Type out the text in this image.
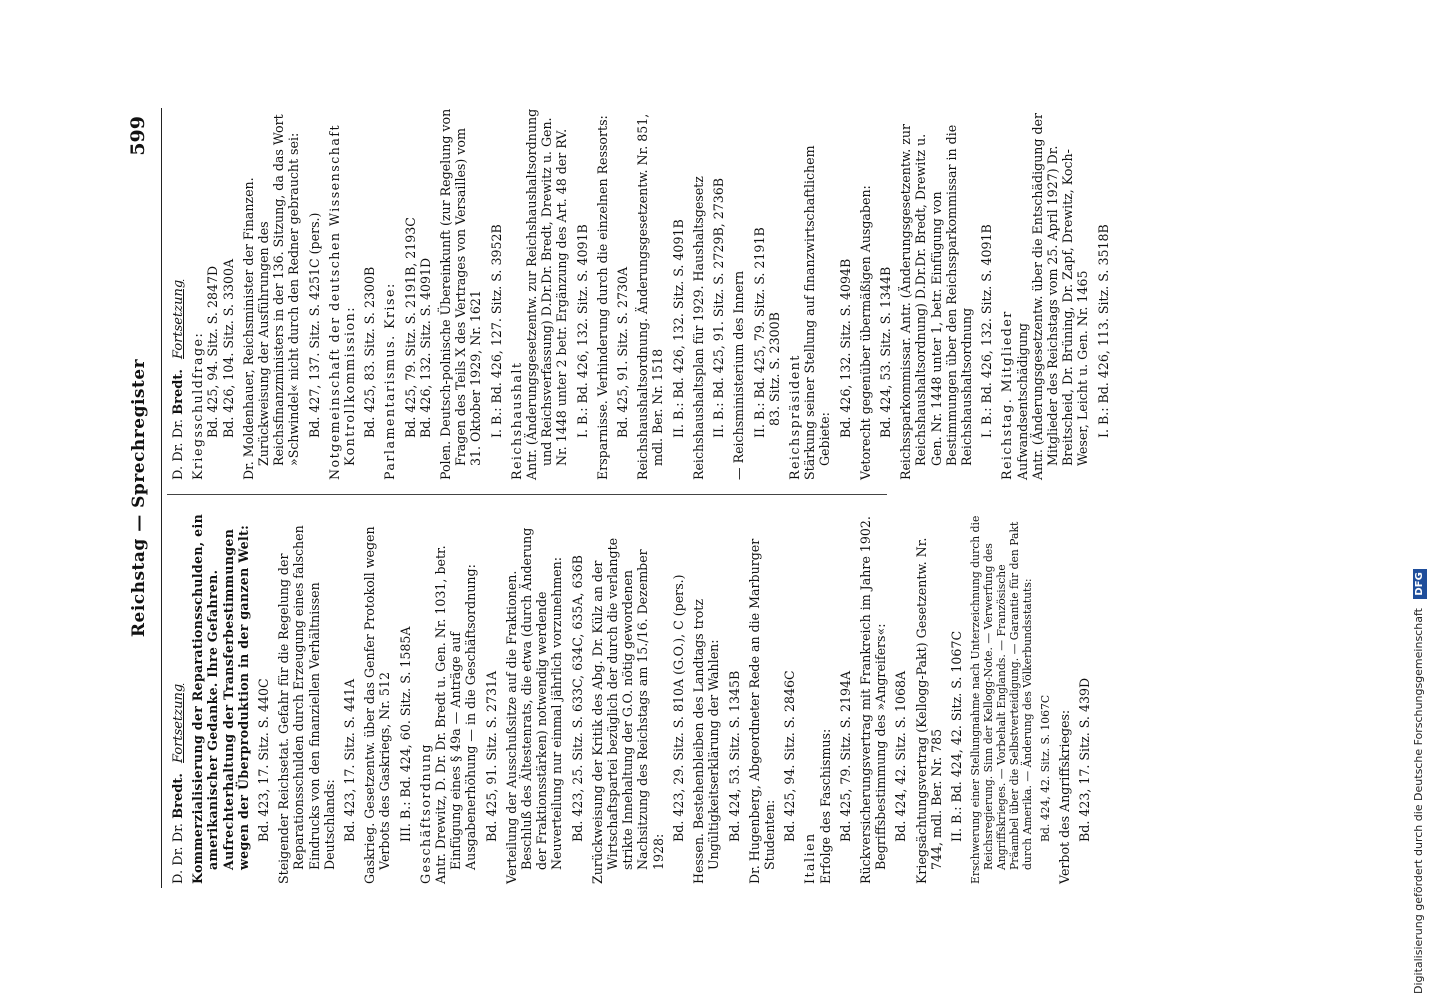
Reichstag — Sprechregister
599
D. Dr. Dr. Bredt. Fortsetzung Kommerzialisierung der Reparationsschulden, ein amerikanischer Gedanke. Ihre Gefahren. Aufrechterhaltung der Transferbestimmungen wegen der Überproduktion in der ganzen Welt: Bd. 423, 17. Sitz. S. 440C Steigender Reichsetat. Gefahr für die Regelung der Reparationsschulden durch Erzeugung eines falschen Eindrucks von den finanziellen Verhältnissen Deutschlands: Bd. 423, 17. Sitz. S. 441A Gaskrieg. Gesetzentw. über das Genfer Protokoll wegen Verbots des Gaskriegs, Nr. 512 III. B.: Bd. 424, 60. Sitz. S. 1585A Geschäftsordnung Antr. Drewitz, D. Dr. Dr. Bredt u. Gen. Nr. 1031, betr. Einfügung eines § 49a — Anträge auf Ausgabenerhöhung — in die Geschäftsordnung: Bd. 425, 91. Sitz. S. 2731A Verteilung der Ausschußsitze auf die Fraktionen. Beschluß des Ältestenrats, die etwa (durch Änderung der Fraktionsstärken) notwendig werdende Neuverteilung nur einmal jährlich vorzunehmen: Bd. 423, 25. Sitz. S. 633C, 634C, 635A, 636B Zurückweisung der Kritik des Abg. Dr. Külz an der Wirtschaftspartei bezüglich der durch die verlangte strikte Innehaltung der G.O. nötig gewordenen Nachsitzung des Reichstags am 15./16. Dezember 1928:
Bd. 423, 29. Sitz. S. 810A (G.O.), C (pers.) Hessen. Bestehenbleiben des Landtags trotz Ungültigkeitserklärung der Wahlen: Bd. 424, 53. Sitz. S. 1345B Dr. Hugenberg, Abgeordneter Rede an die Marburger Studenten: Bd. 425, 94. Sitz. S. 2846C
Italien Erfolge des Faschismus: Bd. 425, 79. Sitz. S. 2194A Rückversicherungsvertrag mit Frankreich im Jahre 1902. Begriffsbestimmung des »Angreifers«: Bd. 424, 42. Sitz. S. 1068A Kriegsächtungsvertrag (Kellogg-Pakt) Gesetzentw. Nr. 744, mdl. Ber. Nr. 785 II. B.: Bd. 424, 42. Sitz. S. 1067C Erschwerung einer Stellungnahme nach Unterzeichnung durch die Reichsregierung. Sinn der Kellogg-Note. — Verwerfung des Angriffskrieges. — Vorbehalt Englands. — Französische Präambel über die Selbstverteidigung. — Garantie für den Pakt durch Amerika. — Änderung des Völkerbundsstatuts: Bd. 424, 42. Sitz. S. 1067C Verbot des Angriffskrieges: Bd. 423, 17. Sitz. S. 439D
D. Dr. Dr. Bredt. Fortsetzung
Kriegsschuldfrage: Bd. 425, 94. Sitz. S. 2847D Bd. 426, 104. Sitz. S. 3300A Dr. Moldenhauer, Reichsminister der Finanzen. Zurückweisung der Ausführungen des Reichsfinanzministers in der 136. Sitzung, da das Wort »Schwindel« nicht durch den Redner gebraucht sei: Bd. 427, 137. Sitz. S. 4251C (pers.) Notgemeinschaft der deutschen Wissenschaft Kontrollkommission: Bd. 425, 83. Sitz. S. 2300B Parlamentarismus. Krise: Bd. 425, 79. Sitz. S. 2191B, 2193C Bd. 426, 132. Sitz. S. 4091D Polen. Deutsch-polnische Übereinkunft (zur Regelung von Fragen des Teils X des Vertrages von Versailles) vom 31. Oktober 1929, Nr. 1621 I. B.: Bd. 426, 127. Sitz. S. 3952B Reichshaushalt Antr. (Änderungsgesetzentw. zur Reichshaushaltsordnung und Reichsverfassung) D.Dr.Dr. Bredt, Drewitz u. Gen. Nr. 1448 unter 2 betr. Ergänzung des Art. 48 der RV. I. B.: Bd. 426, 132. Sitz. S. 4091B Ersparnisse. Verhinderung durch die einzelnen Ressorts: Bd. 425, 91. Sitz. S. 2730A Reichshaushaltsordnung. Änderungsgesetzentw. Nr. 851, mdl. Ber. Nr. 1518 II. B.: Bd. 426, 132. Sitz. S. 4091B Reichshaushaltsplan für 1929. Haushaltsgesetz II. B.: Bd. 425, 91. Sitz. S. 2729B, 2736B — Reichsministerium des Innern II. B.: Bd. 425, 79. Sitz. S. 2191B 83. Sitz. S. 2300B Reichspräsident Stärkung seiner Stellung auf finanzwirtschaftlichem Gebiete:
Bd. 426, 132. Sitz. S. 4094B Vetorecht gegenüber übermäßigen Ausgaben: Bd. 424, 53. Sitz. S. 1344B Reichssparkommissar. Antr. (Änderungsgesetzentw. zur Reichshaushaltsordnung) D.Dr.Dr. Bredt, Drewitz u. Gen. Nr. 1448 unter 1, betr. Einfügung von Bestimmungen über den Reichssparkommissar in die Reichshaushaltsordnung I. B.: Bd. 426, 132. Sitz. S. 4091B Reichstag. Mitglieder Aufwandsentschädigung Antr. (Änderungsgesetzentw. über die Entschädigung der Mitglieder des Reichstags vom 25. April 1927) Dr. Breitscheid, Dr. Brüning, Dr. Zapf, Drewitz, Koch-Weser, Leicht u. Gen. Nr. 1465 I. B.: Bd. 426, 113. Sitz. S. 3518B
Digitalisierung gefördert durch die Deutsche Forschungsgemeinschaft DFG
